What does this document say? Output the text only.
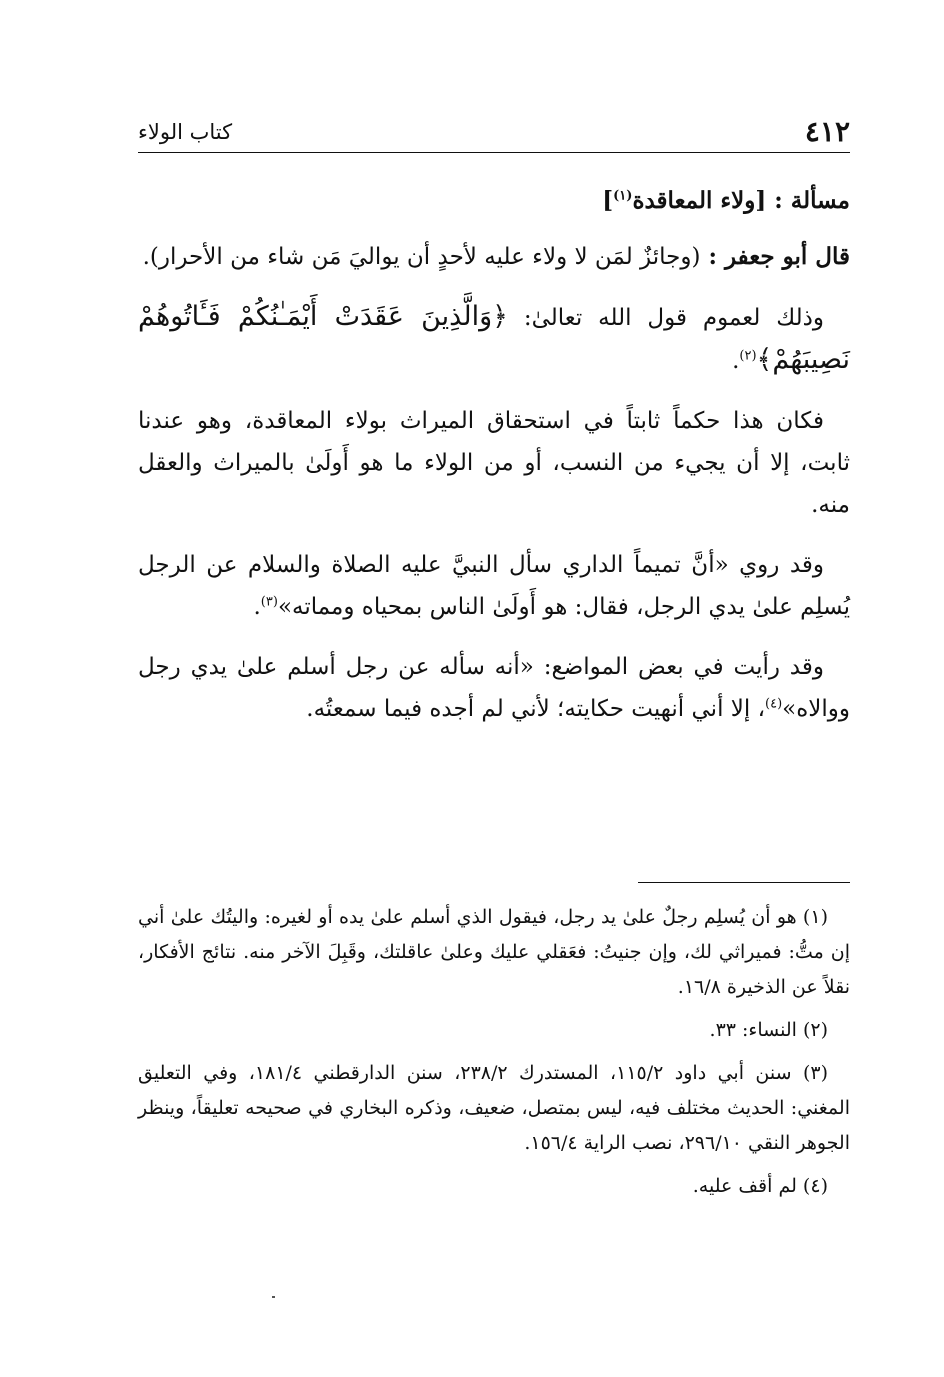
٤١٢
كتاب الولاء

مسألة : [ولاء المعاقدة$^{(١)}$]

قال أبو جعفر : (وجائزٌ لمَن لا ولاء عليه لأحدٍ أن يواليَ مَن شاء من الأحرار).

وذلك لعموم قول الله تعالىٰ: ﴿وَالَّذِينَ عَقَدَتْ أَيْمَـٰنُكُمْ فَـَٔاتُوهُمْ نَصِيبَهُمْ﴾$^{(٢)}$.

فكان هذا حكماً ثابتاً في استحقاق الميراث بولاء المعاقدة، وهو عندنا ثابت، إلا أن يجيء من النسب، أو من الولاء ما هو أَولَىٰ بالميراث والعقل منه.

وقد روي «أنَّ تميماً الداري سأل النبيَّ عليه الصلاة والسلام عن الرجل يُسلِم علىٰ يدي الرجل، فقال: هو أَولَىٰ الناس بمحياه ومماته»$^{(٣)}$.

وقد رأيت في بعض المواضع: «أنه سأله عن رجل أسلم علىٰ يدي رجل ووالاه»$^{(٤)}$، إلا أني أنهيت حكايته؛ لأني لم أجده فيما سمعتُه.

(١) هو أن يُسلِم رجلٌ علىٰ يد رجل، فيقول الذي أسلم علىٰ يده أو لغيره: واليتُك علىٰ أني إن متُّ: فميراثي لك، وإن جنيتُ: فعَقلي عليك وعلىٰ عاقلتك، وقَبِلَ الآخر منه. نتائج الأفكار، نقلاً عن الذخيرة ١٦/٨.

(٢) النساء: ٣٣.

(٣) سنن أبي داود ١١٥/٢، المستدرك ٢٣٨/٢، سنن الدارقطني ١٨١/٤، وفي التعليق المغني: الحديث مختلف فيه، ليس بمتصل، ضعيف، وذكره البخاري في صحيحه تعليقاً، وينظر الجوهر النقي ٢٩٦/١٠، نصب الراية ١٥٦/٤.

(٤) لم أقف عليه.
